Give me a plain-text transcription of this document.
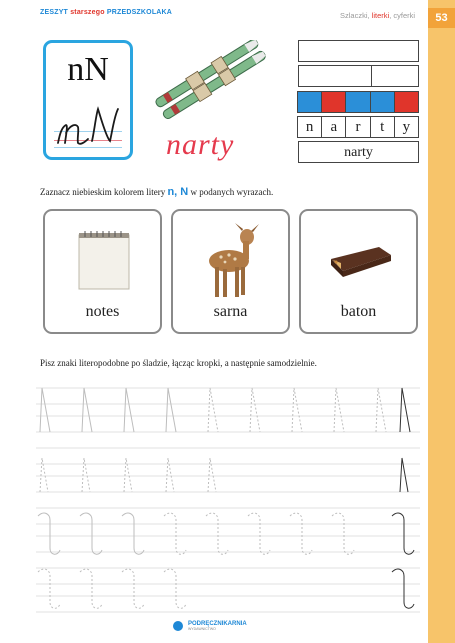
ZESZYT starszego PRZEDSZKOLAKA	Szlaczki, literki, cyferki	53
nN
narty
n	a	r	t	y
narty
Zaznacz niebieskim kolorem litery n, N w podanych wyrazach.
notes	sarna	baton
Pisz znaki literopodobne po śladzie, łącząc kropki, a następnie samodzielnie.
PODRĘCZNIKARNIA
WYDAWNICTWO
